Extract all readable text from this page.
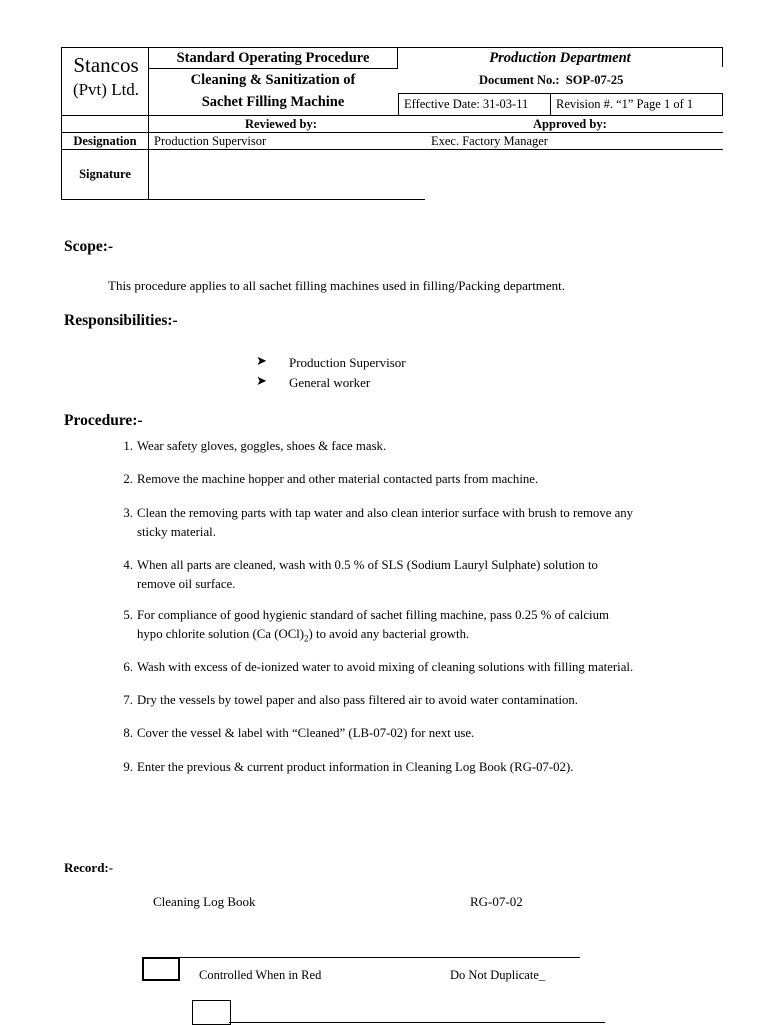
Stancos
(Pvt) Ltd.
Standard Operating Procedure
Cleaning & Sanitization of
Sachet Filling Machine
Production Department
Document No.: SOP-07-25
Effective Date: 31-03-11 Revision #. “1” Page 1 of 1
Reviewed by:	Approved by:
Designation	Production Supervisor	Exec. Factory Manager
Signature
Scope:-
This procedure applies to all sachet filling machines used in filling/Packing department.
Responsibilities:-
➤ Production Supervisor
➤ General worker
Procedure:-
1. Wear safety gloves, goggles, shoes & face mask.
2. Remove the machine hopper and other material contacted parts from machine.
3. Clean the removing parts with tap water and also clean interior surface with brush to remove any
sticky material.
4. When all parts are cleaned, wash with 0.5 % of SLS (Sodium Lauryl Sulphate) solution to
remove oil surface.
5. For compliance of good hygienic standard of sachet filling machine, pass 0.25 % of calcium
hypo chlorite solution (Ca $(OCl)_2$) to avoid any bacterial growth.
6. Wash with excess of de-ionized water to avoid mixing of cleaning solutions with filling material.
7. Dry the vessels by towel paper and also pass filtered air to avoid water contamination.
8. Cover the vessel & label with “Cleaned” (LB-07-02) for next use.
9. Enter the previous & current product information in Cleaning Log Book (RG-07-02).
Record:-
Cleaning Log Book	RG-07-02
Controlled When in Red	Do Not Duplicate_
